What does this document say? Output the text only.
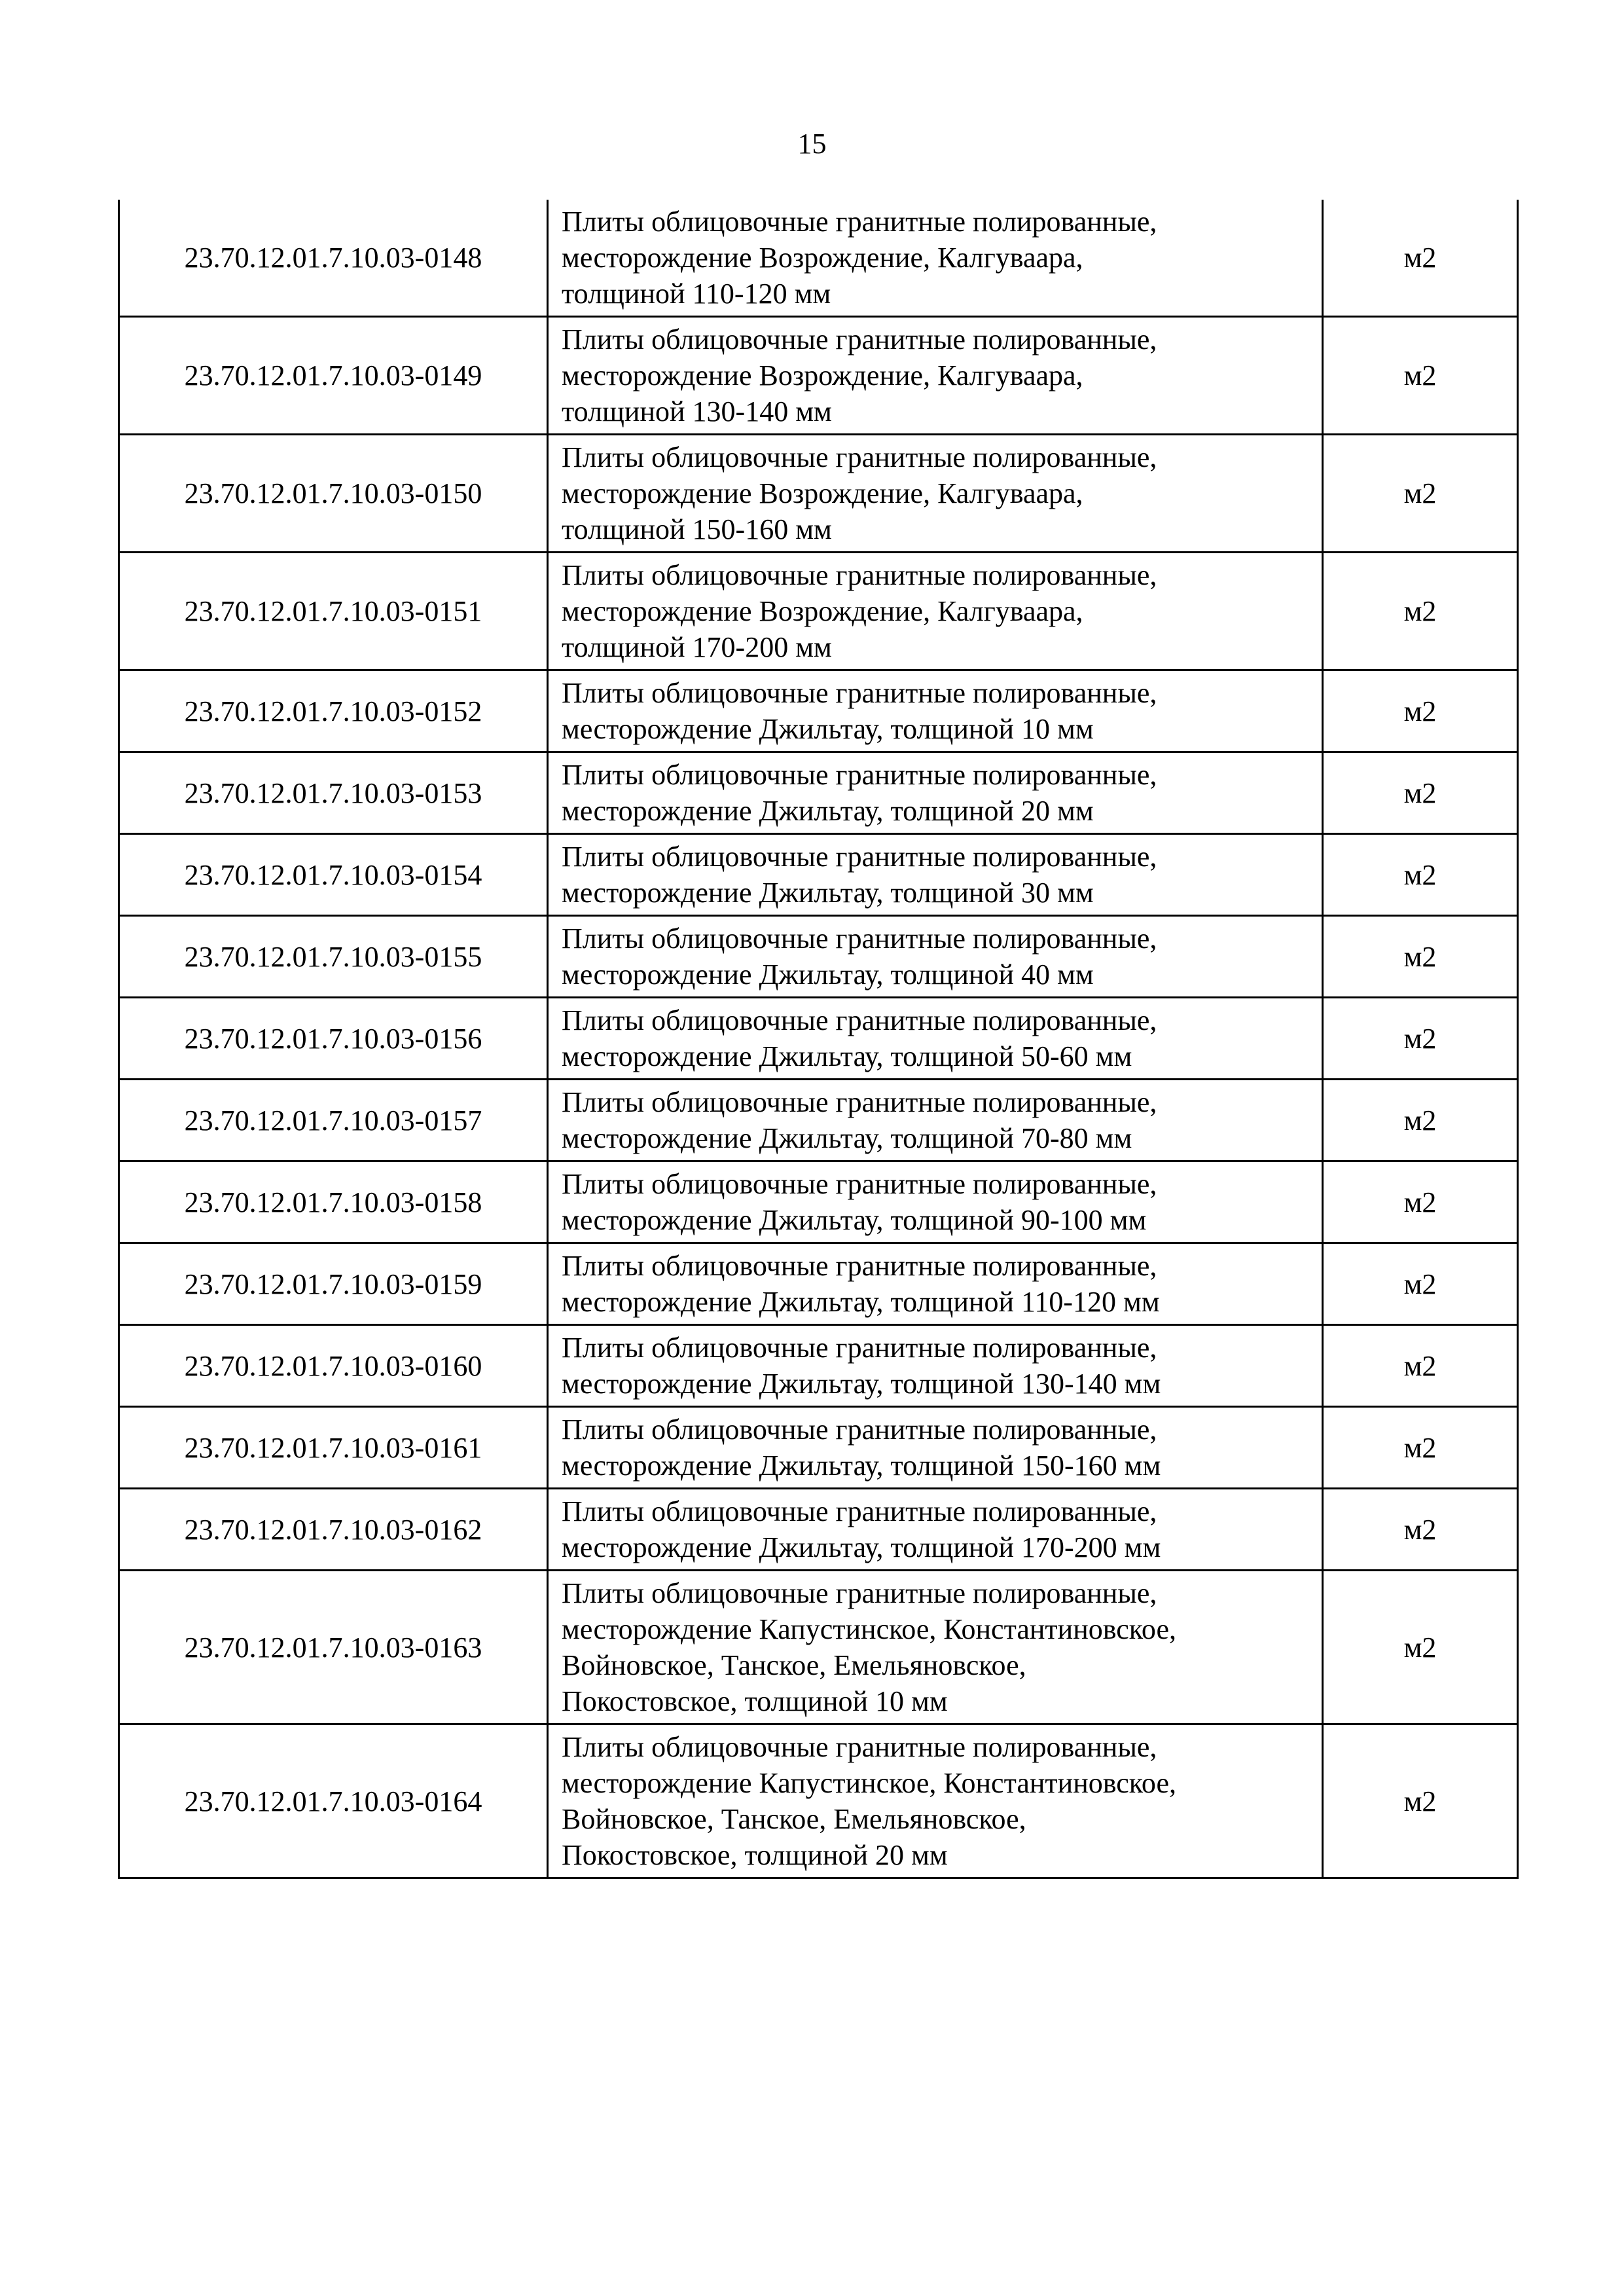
15
23.70.12.01.7.10.03-0148	Плиты облицовочные гранитные полированные,
месторождение Возрождение, Калгуваара,
толщиной 110-120 мм	м2
23.70.12.01.7.10.03-0149	Плиты облицовочные гранитные полированные,
месторождение Возрождение, Калгуваара,
толщиной 130-140 мм	м2
23.70.12.01.7.10.03-0150	Плиты облицовочные гранитные полированные,
месторождение Возрождение, Калгуваара,
толщиной 150-160 мм	м2
23.70.12.01.7.10.03-0151	Плиты облицовочные гранитные полированные,
месторождение Возрождение, Калгуваара,
толщиной 170-200 мм	м2
23.70.12.01.7.10.03-0152	Плиты облицовочные гранитные полированные,
месторождение Джильтау, толщиной 10 мм	м2
23.70.12.01.7.10.03-0153	Плиты облицовочные гранитные полированные,
месторождение Джильтау, толщиной 20 мм	м2
23.70.12.01.7.10.03-0154	Плиты облицовочные гранитные полированные,
месторождение Джильтау, толщиной 30 мм	м2
23.70.12.01.7.10.03-0155	Плиты облицовочные гранитные полированные,
месторождение Джильтау, толщиной 40 мм	м2
23.70.12.01.7.10.03-0156	Плиты облицовочные гранитные полированные,
месторождение Джильтау, толщиной 50-60 мм	м2
23.70.12.01.7.10.03-0157	Плиты облицовочные гранитные полированные,
месторождение Джильтау, толщиной 70-80 мм	м2
23.70.12.01.7.10.03-0158	Плиты облицовочные гранитные полированные,
месторождение Джильтау, толщиной 90-100 мм	м2
23.70.12.01.7.10.03-0159	Плиты облицовочные гранитные полированные,
месторождение Джильтау, толщиной 110-120 мм	м2
23.70.12.01.7.10.03-0160	Плиты облицовочные гранитные полированные,
месторождение Джильтау, толщиной 130-140 мм	м2
23.70.12.01.7.10.03-0161	Плиты облицовочные гранитные полированные,
месторождение Джильтау, толщиной 150-160 мм	м2
23.70.12.01.7.10.03-0162	Плиты облицовочные гранитные полированные,
месторождение Джильтау, толщиной 170-200 мм	м2
23.70.12.01.7.10.03-0163	Плиты облицовочные гранитные полированные,
месторождение Капустинское, Константиновское,
Войновское, Танское, Емельяновское,
Покостовское, толщиной 10 мм	м2
23.70.12.01.7.10.03-0164	Плиты облицовочные гранитные полированные,
месторождение Капустинское, Константиновское,
Войновское, Танское, Емельяновское,
Покостовское, толщиной 20 мм	м2
